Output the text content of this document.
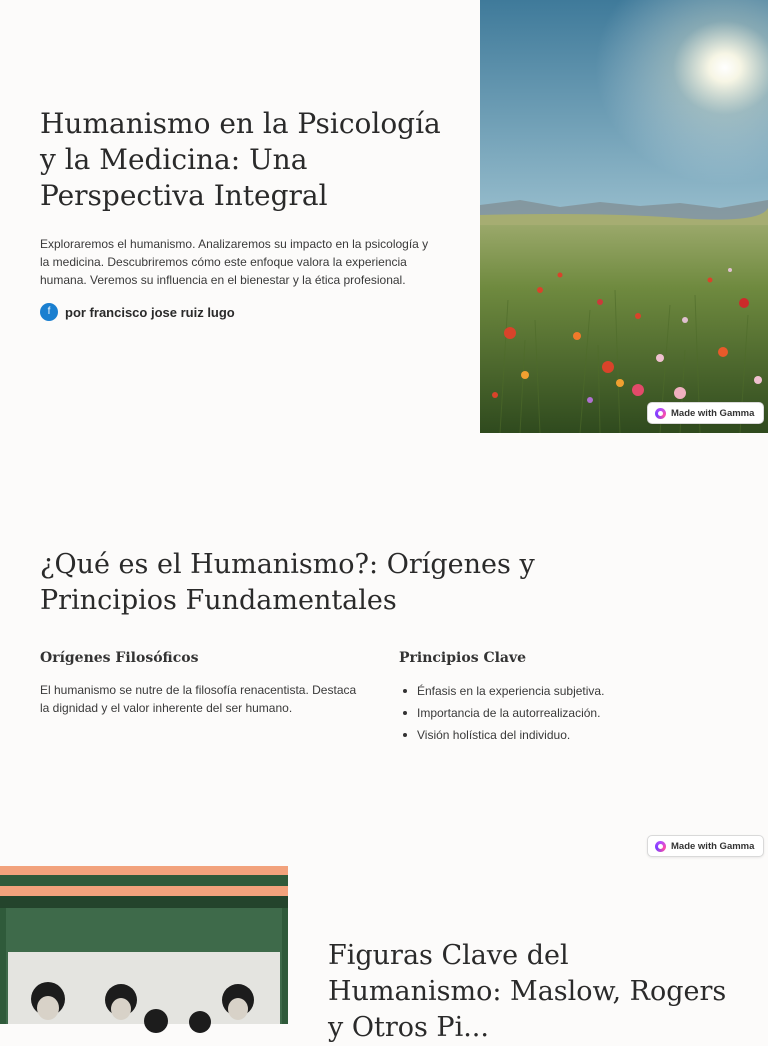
Humanismo en la Psicología y la Medicina: Una Perspectiva Integral

Exploraremos el humanismo. Analizaremos su impacto en la psicología y la medicina. Descubriremos cómo este enfoque valora la experiencia humana. Veremos su influencia en el bienestar y la ética profesional.

f	por francisco jose ruiz lugo
Made with Gamma
¿Qué es el Humanismo?: Orígenes y Principios Fundamentales
Orígenes Filosóficos

El humanismo se nutre de la filosofía renacentista. Destaca la dignidad y el valor inherente del ser humano.

Principios Clave
Énfasis en la experiencia subjetiva.
Importancia de la autorrealización.
Visión holística del individuo.
Made with Gamma
Figuras Clave del Humanismo: Maslow, Rogers y Otros Pi...
